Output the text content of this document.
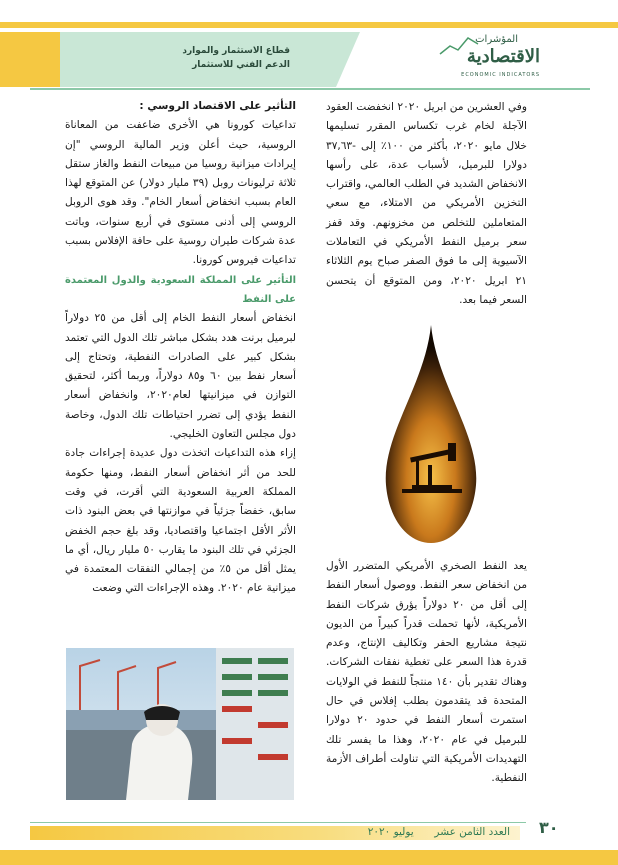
قطاع الاستثمار والموارد
الدعم الفني للاستثمار
المؤشرات
الاقتصادية
ECONOMIC INDICATORS

وفي العشرين من ابريل ٢٠٢٠ انخفضت العقود الآجلة لخام غرب تكساس المقرر تسليمها خلال مايو ٢٠٢٠، بأكثر من ١٠٠٪ إلى -٣٧,٦٣ دولارا للبرميل، لأسباب عدة، على رأسها الانخفاض الشديد في الطلب العالمي، واقتراب التخزين الأمريكي من الامتلاء، مع سعي المتعاملين للتخلص من مخزونهم. وقد قفز سعر برميل النفط الأمريكي في التعاملات الآسيوية إلى ما فوق الصفر صباح يوم الثلاثاء ٢١ ابريل ٢٠٢٠، ومن المتوقع أن يتحسن السعر فيما بعد.

يعد النفط الصخري الأمريكي المتضرر الأول من انخفاض سعر النفط. ووصول أسعار النفط إلى أقل من ٢٠ دولاراً يؤرق شركات النفط الأمريكية، لأنها تحملت قدراً كبيراً من الديون نتيجة مشاريع الحفر وتكاليف الإنتاج، وعدم قدرة هذا السعر على تغطية نفقات الشركات. وهناك تقدير بأن ١٤٠ منتجاً للنفط في الولايات المتحدة قد يتقدمون بطلب إفلاس في حال استمرت أسعار النفط في حدود ٢٠ دولارا للبرميل في عام ٢٠٢٠، وهذا ما يفسر تلك التهديدات الأمريكية التي تناولت أطراف الأزمة النفطية.

التأثير على الاقتصاد الروسي :

تداعيات كورونا هي الأخرى ضاعفت من المعاناة الروسية، حيث أعلن وزير المالية الروسي "إن إيرادات ميزانية روسيا من مبيعات النفط والغاز ستقل ثلاثة ترليونات روبل (٣٩ مليار دولار) عن المتوقع لهذا العام بسبب انخفاض أسعار الخام". وقد هوى الروبل الروسي إلى أدنى مستوى في أربع سنوات، وباتت عدة شركات طيران روسية على حافة الإفلاس بسبب تداعيات فيروس كورونا.

التأثير على المملكة السعودية والدول المعتمدة على النفط

انخفاض أسعار النفط الخام إلى أقل من ٢٥ دولاراً لبرميل برنت هدد بشكل مباشر تلك الدول التي تعتمد بشكل كبير على الصادرات النفطية، وتحتاج إلى أسعار نفط بين ٦٠ و٨٥ دولاراً، وربما أكثر، لتحقيق التوازن في ميزانيتها لعام٢٠٢٠، وانخفاض أسعار النفط يؤدي إلى تضرر احتياطات تلك الدول، وخاصة دول مجلس التعاون الخليجي.

إزاء هذه التداعيات اتخذت دول عديدة إجراءات جادة للحد من أثر انخفاض أسعار النفط، ومنها حكومة المملكة العربية السعودية التي أقرت، في وقت سابق، خفضاً جزئياً في موازنتها في بعض البنود ذات الأثر الأقل اجتماعيا واقتصاديا، وقد بلغ حجم الخفض الجزئي في تلك البنود ما يقارب ٥٠ مليار ريال، أي ما يمثل أقل من ٥٪ من إجمالي النفقات المعتمدة في ميزانية عام ٢٠٢٠. وهذه الإجراءات التي وضعت

العدد الثامن عشر  يوليو ٢٠٢٠	٣٠
